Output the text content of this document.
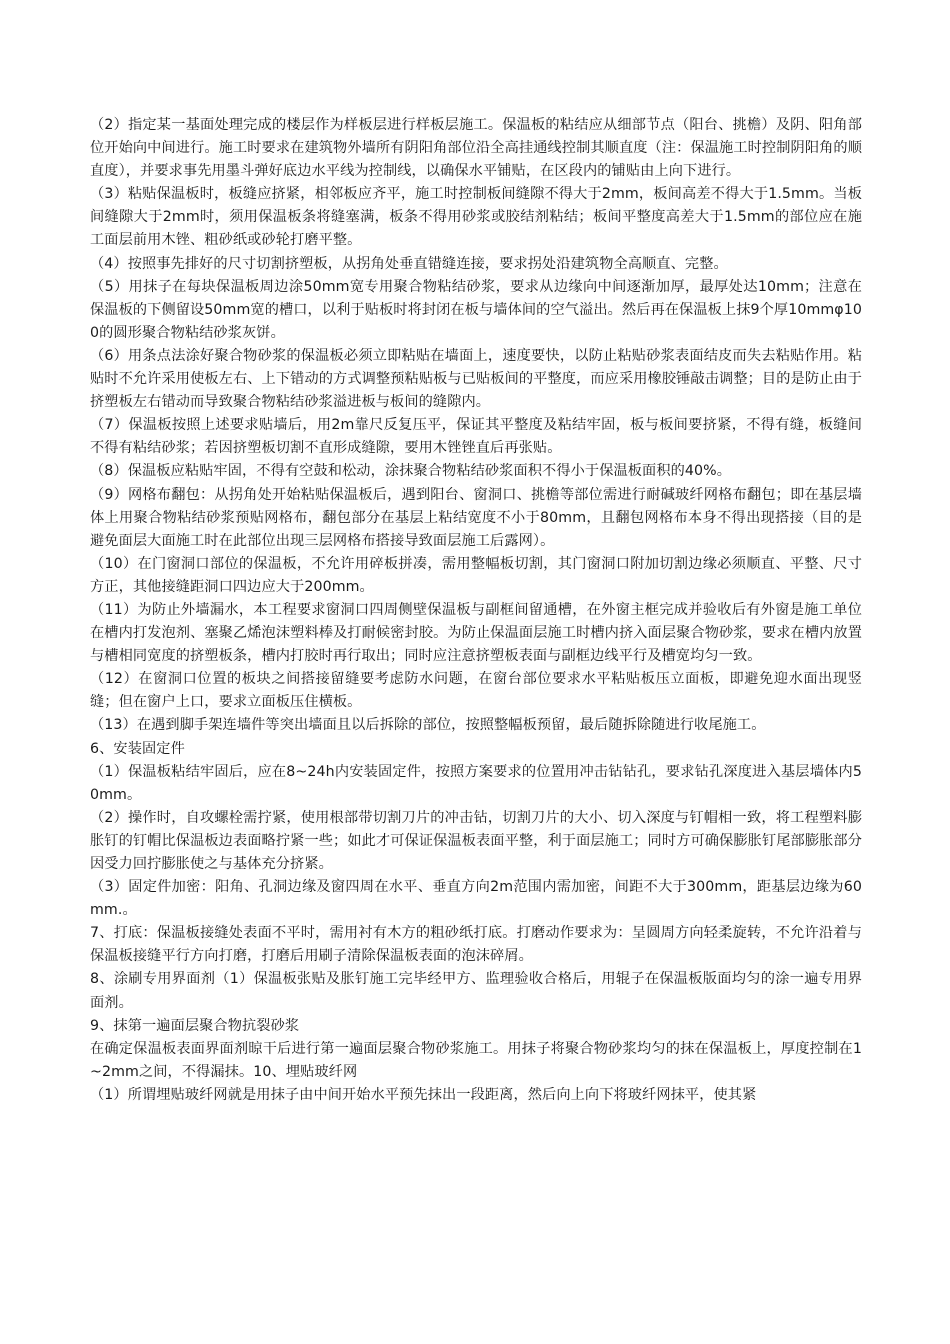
（2）指定某一基面处理完成的楼层作为样板层进行样板层施工。保温板的粘结应从细部节点（阳台、挑檐）及阴、阳角部位开始向中间进行。施工时要求在建筑物外墙所有阴阳角部位沿全高挂通线控制其顺直度（注：保温施工时控制阴阳角的顺直度），并要求事先用墨斗弹好底边水平线为控制线，以确保水平铺贴，在区段内的铺贴由上向下进行。

（3）粘贴保温板时，板缝应挤紧，相邻板应齐平，施工时控制板间缝隙不得大于2mm，板间高差不得大于1.5mm。当板间缝隙大于2mm时，须用保温板条将缝塞满，板条不得用砂浆或胶结剂粘结；板间平整度高差大于1.5mm的部位应在施工面层前用木锉、粗砂纸或砂轮打磨平整。

（4）按照事先排好的尺寸切割挤塑板，从拐角处垂直错缝连接，要求拐处沿建筑物全高顺直、完整。

（5）用抹子在每块保温板周边涂50mm宽专用聚合物粘结砂浆，要求从边缘向中间逐渐加厚，最厚处达10mm；注意在保温板的下侧留设50mm宽的槽口，以利于贴板时将封闭在板与墙体间的空气溢出。然后再在保温板上抹9个厚10mmφ100的圆形聚合物粘结砂浆灰饼。

（6）用条点法涂好聚合物砂浆的保温板必须立即粘贴在墙面上，速度要快，以防止粘贴砂浆表面结皮而失去粘贴作用。粘贴时不允许采用使板左右、上下错动的方式调整预粘贴板与已贴板间的平整度，而应采用橡胶锤敲击调整；目的是防止由于挤塑板左右错动而导致聚合物粘结砂浆溢进板与板间的缝隙内。

（7）保温板按照上述要求贴墙后，用2m靠尺反复压平，保证其平整度及粘结牢固，板与板间要挤紧，不得有缝，板缝间不得有粘结砂浆；若因挤塑板切割不直形成缝隙，要用木锉锉直后再张贴。

（8）保温板应粘贴牢固，不得有空鼓和松动，涂抹聚合物粘结砂浆面积不得小于保温板面积的40%。

（9）网格布翻包：从拐角处开始粘贴保温板后，遇到阳台、窗洞口、挑檐等部位需进行耐碱玻纤网格布翻包；即在基层墙体上用聚合物粘结砂浆预贴网格布，翻包部分在基层上粘结宽度不小于80mm，且翻包网格布本身不得出现搭接（目的是避免面层大面施工时在此部位出现三层网格布搭接导致面层施工后露网）。

（10）在门窗洞口部位的保温板，不允许用碎板拼凑，需用整幅板切割，其门窗洞口附加切割边缘必须顺直、平整、尺寸方正，其他接缝距洞口四边应大于200mm。

（11）为防止外墙漏水，本工程要求窗洞口四周侧壁保温板与副框间留通槽，在外窗主框完成并验收后有外窗是施工单位在槽内打发泡剂、塞聚乙烯泡沫塑料棒及打耐候密封胶。为防止保温面层施工时槽内挤入面层聚合物砂浆，要求在槽内放置与槽相同宽度的挤塑板条，槽内打胶时再行取出；同时应注意挤塑板表面与副框边线平行及槽宽均匀一致。

（12）在窗洞口位置的板块之间搭接留缝要考虑防水问题，在窗台部位要求水平粘贴板压立面板，即避免迎水面出现竖缝；但在窗户上口，要求立面板压住横板。

（13）在遇到脚手架连墙件等突出墙面且以后拆除的部位，按照整幅板预留，最后随拆除随进行收尾施工。

6、安装固定件

（1）保温板粘结牢固后，应在8~24h内安装固定件，按照方案要求的位置用冲击钻钻孔，要求钻孔深度进入基层墙体内50mm。

（2）操作时，自攻螺栓需拧紧，使用根部带切割刀片的冲击钻，切割刀片的大小、切入深度与钉帽相一致，将工程塑料膨胀钉的钉帽比保温板边表面略拧紧一些；如此才可保证保温板表面平整，利于面层施工；同时方可确保膨胀钉尾部膨胀部分因受力回拧膨胀使之与基体充分挤紧。

（3）固定件加密：阳角、孔洞边缘及窗四周在水平、垂直方向2m范围内需加密，间距不大于300mm，距基层边缘为60mm.。

7、打底：保温板接缝处表面不平时，需用衬有木方的粗砂纸打底。打磨动作要求为：呈圆周方向轻柔旋转，不允许沿着与保温板接缝平行方向打磨，打磨后用刷子清除保温板表面的泡沫碎屑。

8、涂刷专用界面剂（1）保温板张贴及胀钉施工完毕经甲方、监理验收合格后，用辊子在保温板版面均匀的涂一遍专用界面剂。

9、抹第一遍面层聚合物抗裂砂浆

在确定保温板表面界面剂晾干后进行第一遍面层聚合物砂浆施工。用抹子将聚合物砂浆均匀的抹在保温板上，厚度控制在1~2mm之间，不得漏抹。10、埋贴玻纤网

（1）所谓埋贴玻纤网就是用抹子由中间开始水平预先抹出一段距离，然后向上向下将玻纤网抹平，使其紧
